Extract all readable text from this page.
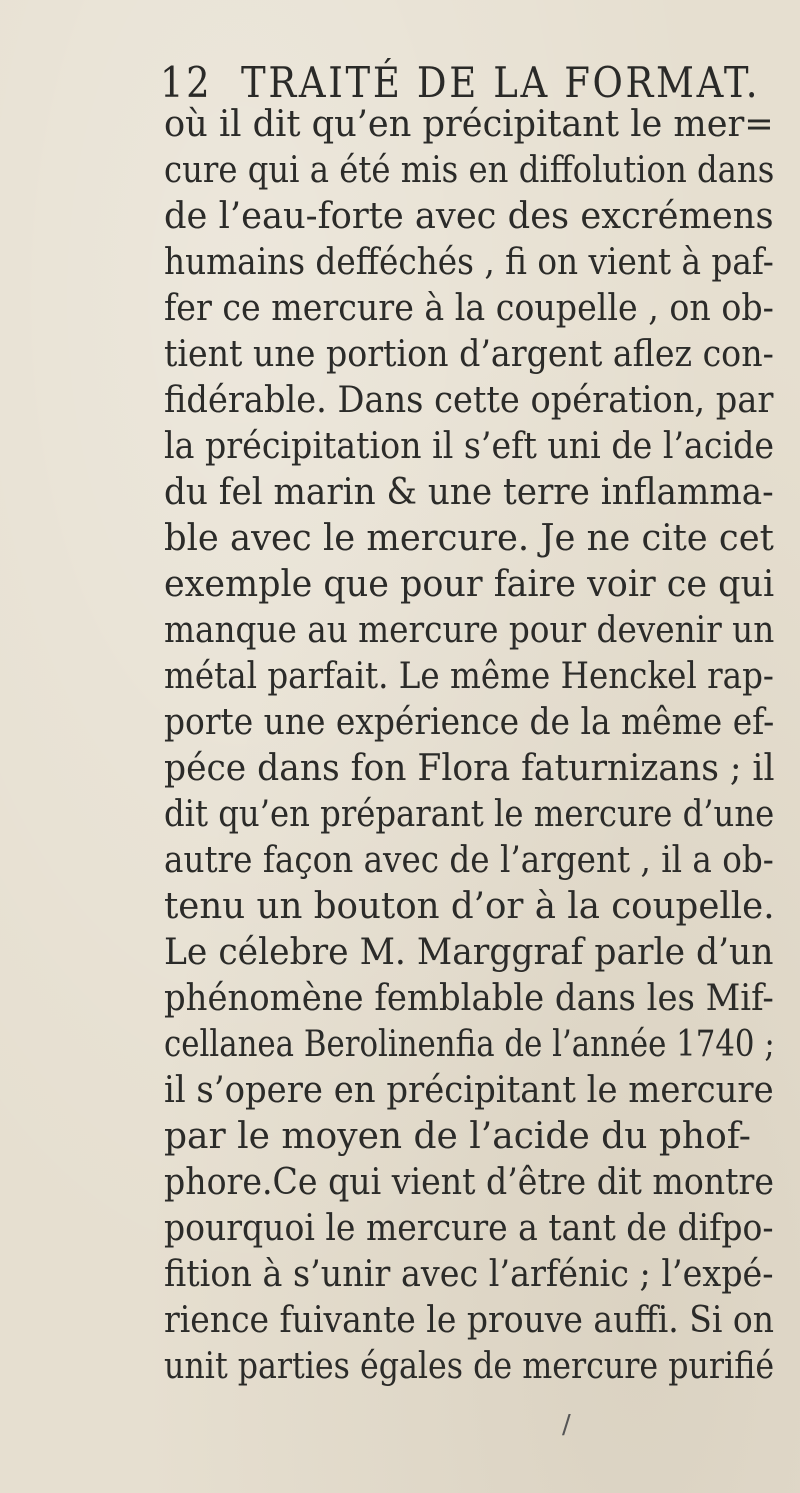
12 TRAITÉ DE LA FORMAT.
où il dit qu’en précipitant le mer=
cure qui a été mis en diffolution dans
de l’eau-forte avec des excrémens
humains defféchés , fi on vient à paf-
fer ce mercure à la coupelle , on ob-
tient une portion d’argent aflez con-
fidérable. Dans cette opération, par
la précipitation il s’eft uni de l’acide
du fel marin & une terre inflamma-
ble avec le mercure. Je ne cite cet
exemple que pour faire voir ce qui
manque au mercure pour devenir un
métal parfait. Le même Henckel rap-
porte une expérience de la même ef-
péce dans fon Flora faturnizans ; il
dit qu’en préparant le mercure d’une
autre façon avec de l’argent , il a ob-
tenu un bouton d’or à la coupelle.
Le célebre M. Marggraf parle d’un
phénomène femblable dans les Mif-
cellanea Berolinenfia de l’année 1740 ;
il s’opere en précipitant le mercure
par le moyen de l’acide du phof-
phore.Ce qui vient d’être dit montre
pourquoi le mercure a tant de difpo-
fition à s’unir avec l’arfénic ; l’expé-
rience fuivante le prouve auffi. Si on
unit parties égales de mercure purifié
/
